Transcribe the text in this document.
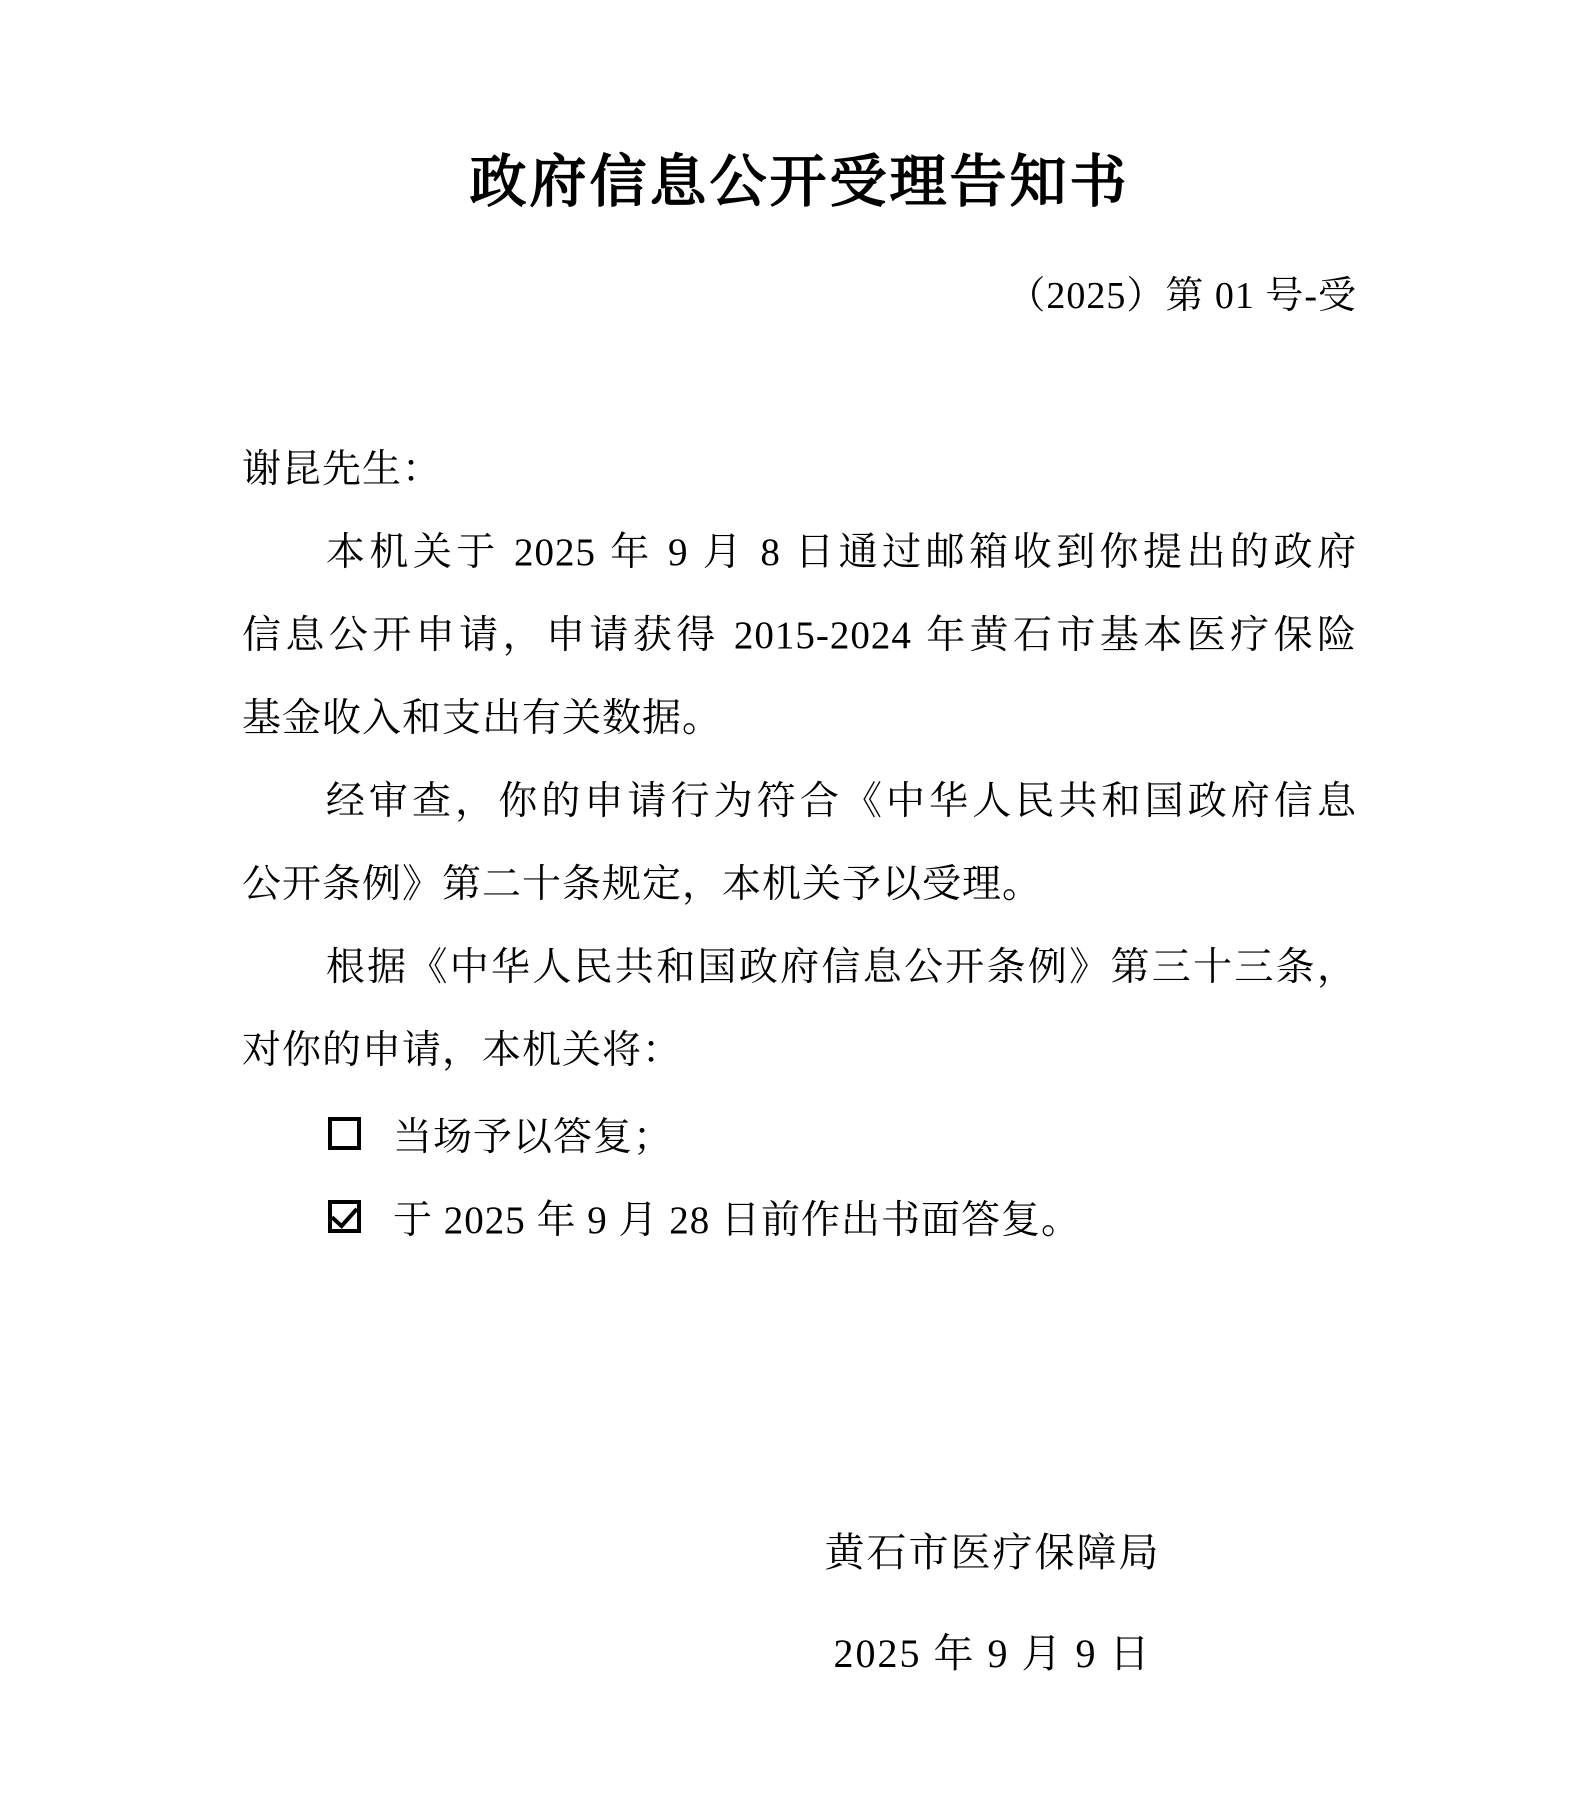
政府信息公开受理告知书
（2025）第 01 号-受
谢昆先生：
本机关于 2025 年 9 月 8 日通过邮箱收到你提出的政府
信息公开申请，申请获得 2015-2024 年黄石市基本医疗保险
基金收入和支出有关数据。
经审查，你的申请行为符合《中华人民共和国政府信息
公开条例》第二十条规定，本机关予以受理。
根据《中华人民共和国政府信息公开条例》第三十三条，
对你的申请，本机关将：
当场予以答复；
于 2025 年 9 月 28 日前作出书面答复。
黄石市医疗保障局
2025 年 9 月 9 日
